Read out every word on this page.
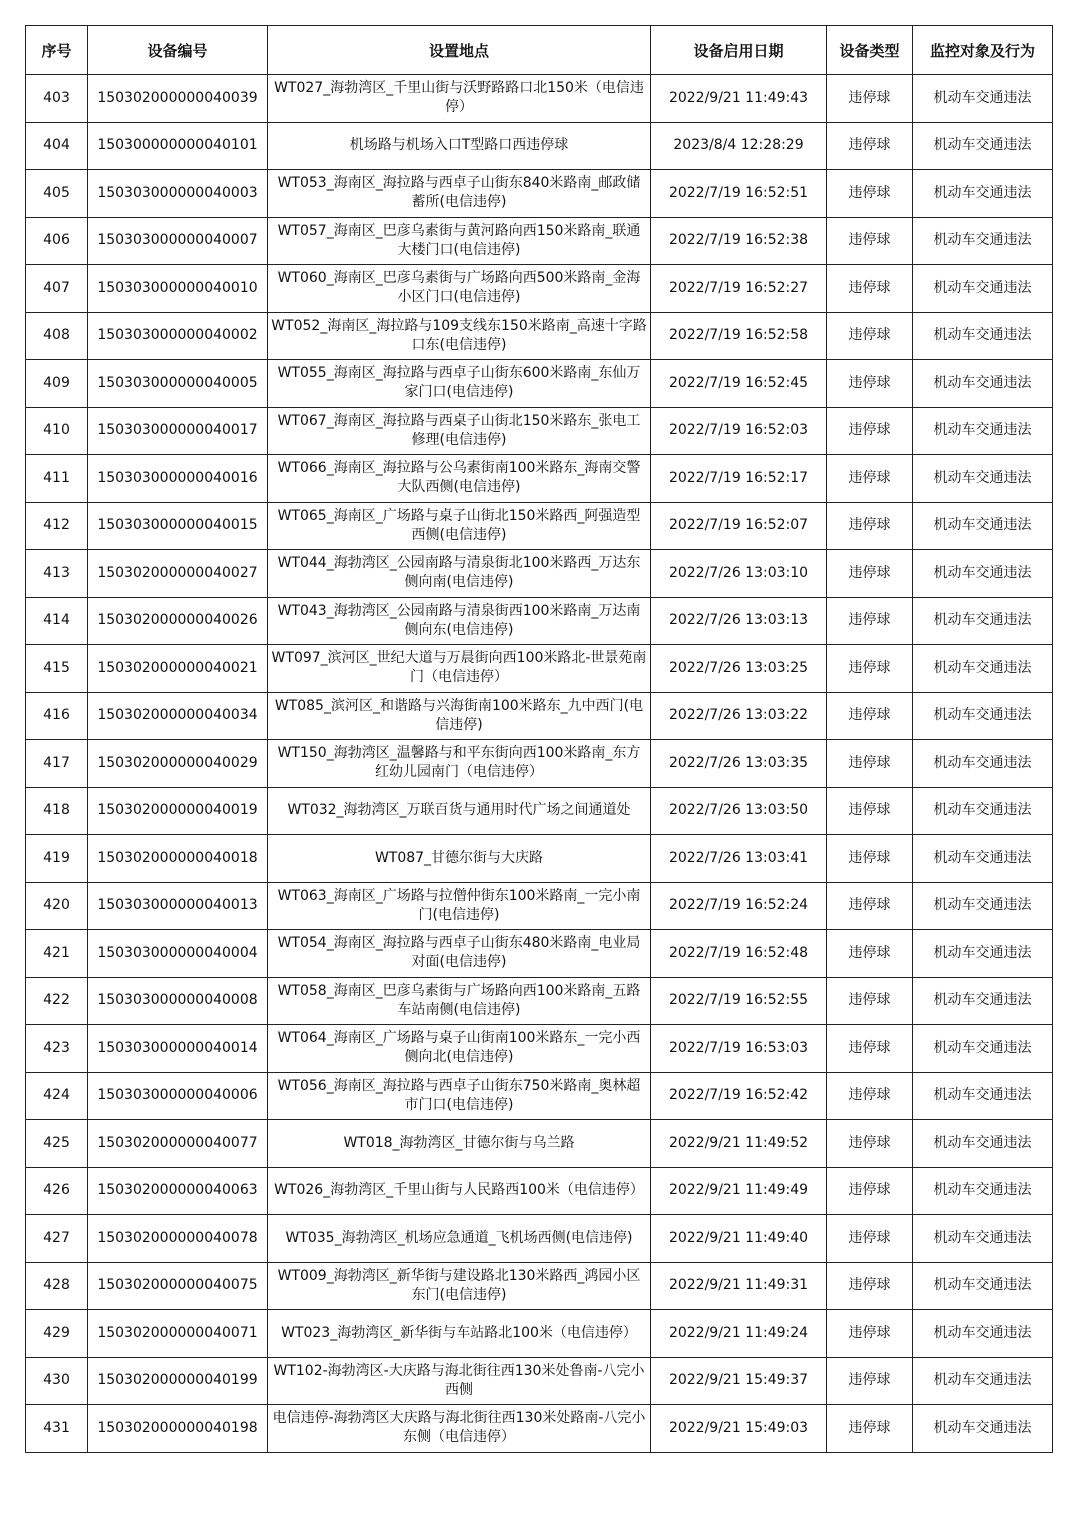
序号	设备编号	设置地点	设备启用日期	设备类型	监控对象及行为
403	150302000000040039	WT027_海勃湾区_千里山街与沃野路路口北150米（电信违停）	2022/9/21 11:49:43	违停球	机动车交通违法
404	150300000000040101	机场路与机场入口T型路口西违停球	2023/8/4 12:28:29	违停球	机动车交通违法
405	150303000000040003	WT053_海南区_海拉路与西卓子山街东840米路南_邮政储蓄所(电信违停)	2022/7/19 16:52:51	违停球	机动车交通违法
406	150303000000040007	WT057_海南区_巴彦乌素街与黄河路向西150米路南_联通大楼门口(电信违停)	2022/7/19 16:52:38	违停球	机动车交通违法
407	150303000000040010	WT060_海南区_巴彦乌素街与广场路向西500米路南_金海小区门口(电信违停)	2022/7/19 16:52:27	违停球	机动车交通违法
408	150303000000040002	WT052_海南区_海拉路与109支线东150米路南_高速十字路口东(电信违停)	2022/7/19 16:52:58	违停球	机动车交通违法
409	150303000000040005	WT055_海南区_海拉路与西卓子山街东600米路南_东仙万家门口(电信违停)	2022/7/19 16:52:45	违停球	机动车交通违法
410	150303000000040017	WT067_海南区_海拉路与西桌子山街北150米路东_张电工修理(电信违停)	2022/7/19 16:52:03	违停球	机动车交通违法
411	150303000000040016	WT066_海南区_海拉路与公乌素街南100米路东_海南交警大队西侧(电信违停)	2022/7/19 16:52:17	违停球	机动车交通违法
412	150303000000040015	WT065_海南区_广场路与桌子山街北150米路西_阿强造型西侧(电信违停)	2022/7/19 16:52:07	违停球	机动车交通违法
413	150302000000040027	WT044_海勃湾区_公园南路与清泉街北100米路西_万达东侧向南(电信违停)	2022/7/26 13:03:10	违停球	机动车交通违法
414	150302000000040026	WT043_海勃湾区_公园南路与清泉街西100米路南_万达南侧向东(电信违停)	2022/7/26 13:03:13	违停球	机动车交通违法
415	150302000000040021	WT097_滨河区_世纪大道与万晨街向西100米路北-世景苑南门（电信违停）	2022/7/26 13:03:25	违停球	机动车交通违法
416	150302000000040034	WT085_滨河区_和谐路与兴海街南100米路东_九中西门(电信违停)	2022/7/26 13:03:22	违停球	机动车交通违法
417	150302000000040029	WT150_海勃湾区_温馨路与和平东街向西100米路南_东方红幼儿园南门（电信违停）	2022/7/26 13:03:35	违停球	机动车交通违法
418	150302000000040019	WT032_海勃湾区_万联百货与通用时代广场之间通道处	2022/7/26 13:03:50	违停球	机动车交通违法
419	150302000000040018	WT087_甘德尔街与大庆路	2022/7/26 13:03:41	违停球	机动车交通违法
420	150303000000040013	WT063_海南区_广场路与拉僧仲街东100米路南_一完小南门(电信违停)	2022/7/19 16:52:24	违停球	机动车交通违法
421	150303000000040004	WT054_海南区_海拉路与西卓子山街东480米路南_电业局对面(电信违停)	2022/7/19 16:52:48	违停球	机动车交通违法
422	150303000000040008	WT058_海南区_巴彦乌素街与广场路向西100米路南_五路车站南侧(电信违停)	2022/7/19 16:52:55	违停球	机动车交通违法
423	150303000000040014	WT064_海南区_广场路与桌子山街南100米路东_一完小西侧向北(电信违停)	2022/7/19 16:53:03	违停球	机动车交通违法
424	150303000000040006	WT056_海南区_海拉路与西卓子山街东750米路南_奥林超市门口(电信违停)	2022/7/19 16:52:42	违停球	机动车交通违法
425	150302000000040077	WT018_海勃湾区_甘德尔街与乌兰路	2022/9/21 11:49:52	违停球	机动车交通违法
426	150302000000040063	WT026_海勃湾区_千里山街与人民路西100米（电信违停）	2022/9/21 11:49:49	违停球	机动车交通违法
427	150302000000040078	WT035_海勃湾区_机场应急通道_飞机场西侧(电信违停)	2022/9/21 11:49:40	违停球	机动车交通违法
428	150302000000040075	WT009_海勃湾区_新华街与建设路北130米路西_鸿园小区东门(电信违停)	2022/9/21 11:49:31	违停球	机动车交通违法
429	150302000000040071	WT023_海勃湾区_新华街与车站路北100米（电信违停）	2022/9/21 11:49:24	违停球	机动车交通违法
430	150302000000040199	WT102-海勃湾区-大庆路与海北街往西130米处鲁南-八完小西侧	2022/9/21 15:49:37	违停球	机动车交通违法
431	150302000000040198	电信违停-海勃湾区大庆路与海北街往西130米处路南-八完小东侧（电信违停）	2022/9/21 15:49:03	违停球	机动车交通违法
